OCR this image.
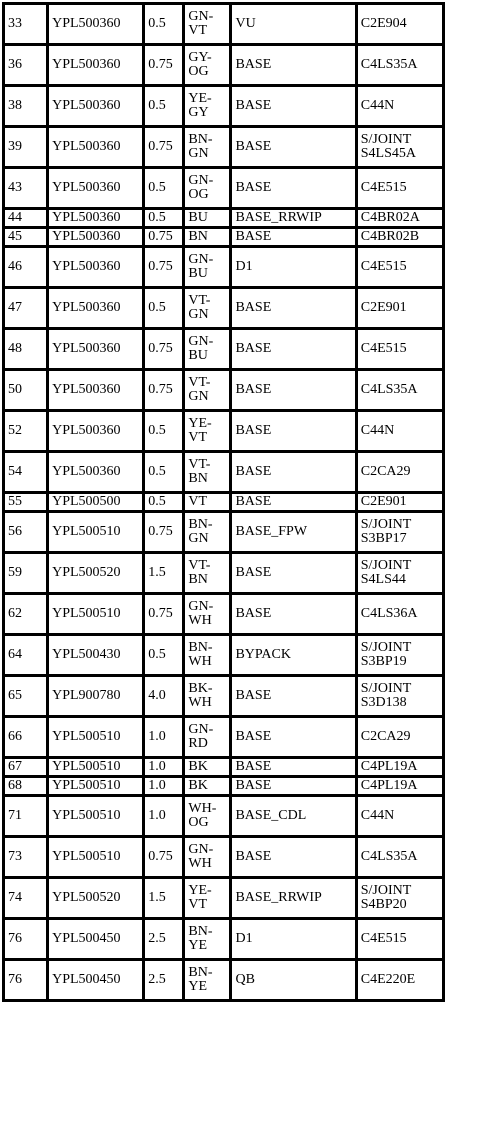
33	YPL500360	0.5	GN-VT	VU	C2E904
36	YPL500360	0.75	GY-OG	BASE	C4LS35A
38	YPL500360	0.5	YE-GY	BASE	C44N
39	YPL500360	0.75	BN-GN	BASE	S/JOINT S4LS45A
43	YPL500360	0.5	GN-OG	BASE	C4E515
44	YPL500360	0.5	BU	BASE_RRWIP	C4BR02A
45	YPL500360	0.75	BN	BASE	C4BR02B
46	YPL500360	0.75	GN-BU	D1	C4E515
47	YPL500360	0.5	VT-GN	BASE	C2E901
48	YPL500360	0.75	GN-BU	BASE	C4E515
50	YPL500360	0.75	VT-GN	BASE	C4LS35A
52	YPL500360	0.5	YE-VT	BASE	C44N
54	YPL500360	0.5	VT-BN	BASE	C2CA29
55	YPL500500	0.5	VT	BASE	C2E901
56	YPL500510	0.75	BN-GN	BASE_FPW	S/JOINT S3BP17
59	YPL500520	1.5	VT-BN	BASE	S/JOINT S4LS44
62	YPL500510	0.75	GN-WH	BASE	C4LS36A
64	YPL500430	0.5	BN-WH	BYPACK	S/JOINT S3BP19
65	YPL900780	4.0	BK-WH	BASE	S/JOINT S3D138
66	YPL500510	1.0	GN-RD	BASE	C2CA29
67	YPL500510	1.0	BK	BASE	C4PL19A
68	YPL500510	1.0	BK	BASE	C4PL19A
71	YPL500510	1.0	WH-OG	BASE_CDL	C44N
73	YPL500510	0.75	GN-WH	BASE	C4LS35A
74	YPL500520	1.5	YE-VT	BASE_RRWIP	S/JOINT S4BP20
76	YPL500450	2.5	BN-YE	D1	C4E515
76	YPL500450	2.5	BN-YE	QB	C4E220E
